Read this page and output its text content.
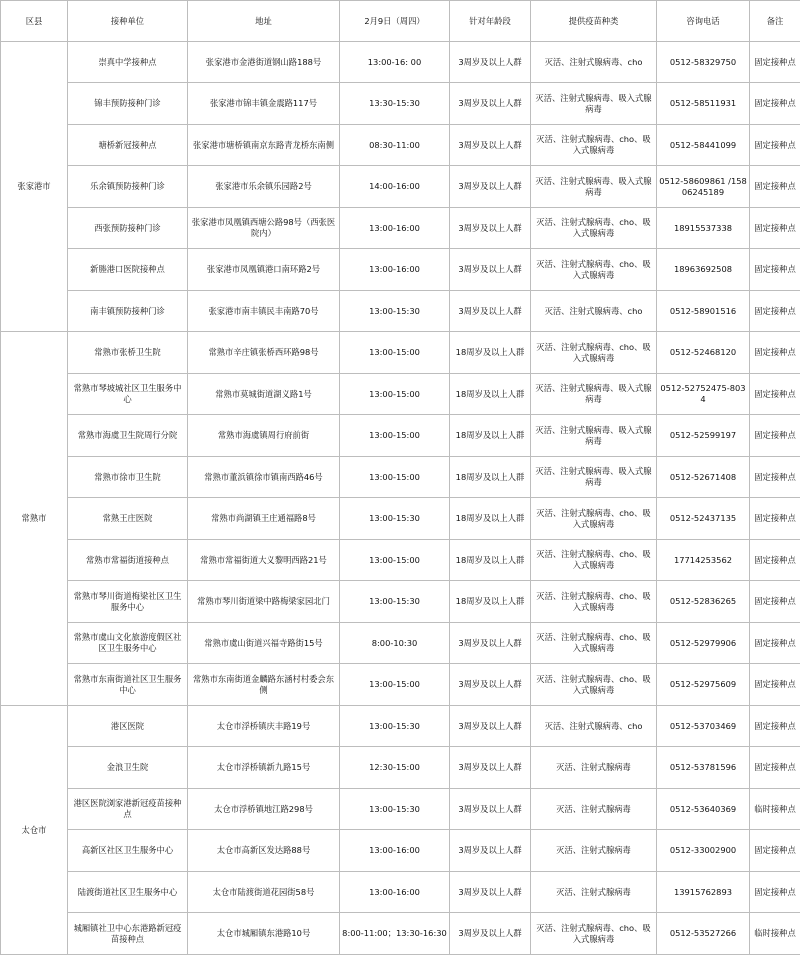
区县	接种单位	地址	2月9日（周四）	针对年龄段	提供疫苗种类	咨询电话	备注
张家港市	崇真中学接种点	张家港市金港街道钢山路188号	13:00-16: 00	3周岁及以上人群	灭活、注射式腺病毒、cho	0512-58329750	固定接种点
	锦丰预防接种门诊	张家港市锦丰镇金震路117号	13:30-15:30	3周岁及以上人群	灭活、注射式腺病毒、吸入式腺病毒	0512-58511931	固定接种点
	塘桥新冠接种点	张家港市塘桥镇南京东路青龙桥东南侧	08:30-11:00	3周岁及以上人群	灭活、注射式腺病毒、cho、吸入式腺病毒	0512-58441099	固定接种点
	乐余镇预防接种门诊	张家港市乐余镇乐园路2号	14:00-16:00	3周岁及以上人群	灭活、注射式腺病毒、吸入式腺病毒	0512-58609861 /15806245189	固定接种点
	西张预防接种门诊	张家港市凤凰镇西塘公路98号（西张医院内）	13:00-16:00	3周岁及以上人群	灭活、注射式腺病毒、cho、吸入式腺病毒	18915537338	固定接种点
	新塍港口医院接种点	张家港市凤凰镇港口南环路2号	13:00-16:00	3周岁及以上人群	灭活、注射式腺病毒、cho、吸入式腺病毒	18963692508	固定接种点
	南丰镇预防接种门诊	张家港市南丰镇民丰南路70号	13:00-15:30	3周岁及以上人群	灭活、注射式腺病毒、cho	0512-58901516	固定接种点
常熟市	常熟市张桥卫生院	常熟市辛庄镇张桥西环路98号	13:00-15:00	18周岁及以上人群	灭活、注射式腺病毒、cho、吸入式腺病毒	0512-52468120	固定接种点
	常熟市琴坡城社区卫生服务中心	常熟市莫城街道湖义路1号	13:00-15:00	18周岁及以上人群	灭活、注射式腺病毒、吸入式腺病毒	0512-52752475-8034	固定接种点
	常熟市海虞卫生院周行分院	常熟市海虞镇周行府前街	13:00-15:00	18周岁及以上人群	灭活、注射式腺病毒、吸入式腺病毒	0512-52599197	固定接种点
	常熟市徐市卫生院	常熟市董浜镇徐市镇南西路46号	13:00-15:00	18周岁及以上人群	灭活、注射式腺病毒、吸入式腺病毒	0512-52671408	固定接种点
	常熟王庄医院	常熟市尚湖镇王庄通福路8号	13:00-15:30	18周岁及以上人群	灭活、注射式腺病毒、cho、吸入式腺病毒	0512-52437135	固定接种点
	常熟市常福街道接种点	常熟市常福街道大义黎明西路21号	13:00-15:00	18周岁及以上人群	灭活、注射式腺病毒、cho、吸入式腺病毒	17714253562	固定接种点
	常熟市琴川街道梅梁社区卫生服务中心	常熟市琴川街道梁中路梅梁家园北门	13:00-15:30	18周岁及以上人群	灭活、注射式腺病毒、cho、吸入式腺病毒	0512-52836265	固定接种点
	常熟市虞山文化旅游度假区社区卫生服务中心	常熟市虞山街道兴福寺路街15号	8:00-10:30	3周岁及以上人群	灭活、注射式腺病毒、cho、吸入式腺病毒	0512-52979906	固定接种点
	常熟市东南街道社区卫生服务中心	常熟市东南街道金麟路东涵村村委会东侧	13:00-15:00	3周岁及以上人群	灭活、注射式腺病毒、cho、吸入式腺病毒	0512-52975609	固定接种点
太仓市	港区医院	太仓市浮桥镇庆丰路19号	13:00-15:30	3周岁及以上人群	灭活、注射式腺病毒、cho	0512-53703469	固定接种点
	金浪卫生院	太仓市浮桥镇新九路15号	12:30-15:00	3周岁及以上人群	灭活、注射式腺病毒	0512-53781596	固定接种点
	港区医院浏家港新冠疫苗接种点	太仓市浮桥镇地江路298号	13:00-15:30	3周岁及以上人群	灭活、注射式腺病毒	0512-53640369	临时接种点
	高新区社区卫生服务中心	太仓市高新区发达路88号	13:00-16:00	3周岁及以上人群	灭活、注射式腺病毒	0512-33002900	固定接种点
	陆渡街道社区卫生服务中心	太仓市陆渡街道花园街58号	13:00-16:00	3周岁及以上人群	灭活、注射式腺病毒	13915762893	固定接种点
	城厢镇社卫中心东港路新冠疫苗接种点	太仓市城厢镇东港路10号	8:00-11:00；13:30-16:30	3周岁及以上人群	灭活、注射式腺病毒、cho、吸入式腺病毒	0512-53527266	临时接种点
